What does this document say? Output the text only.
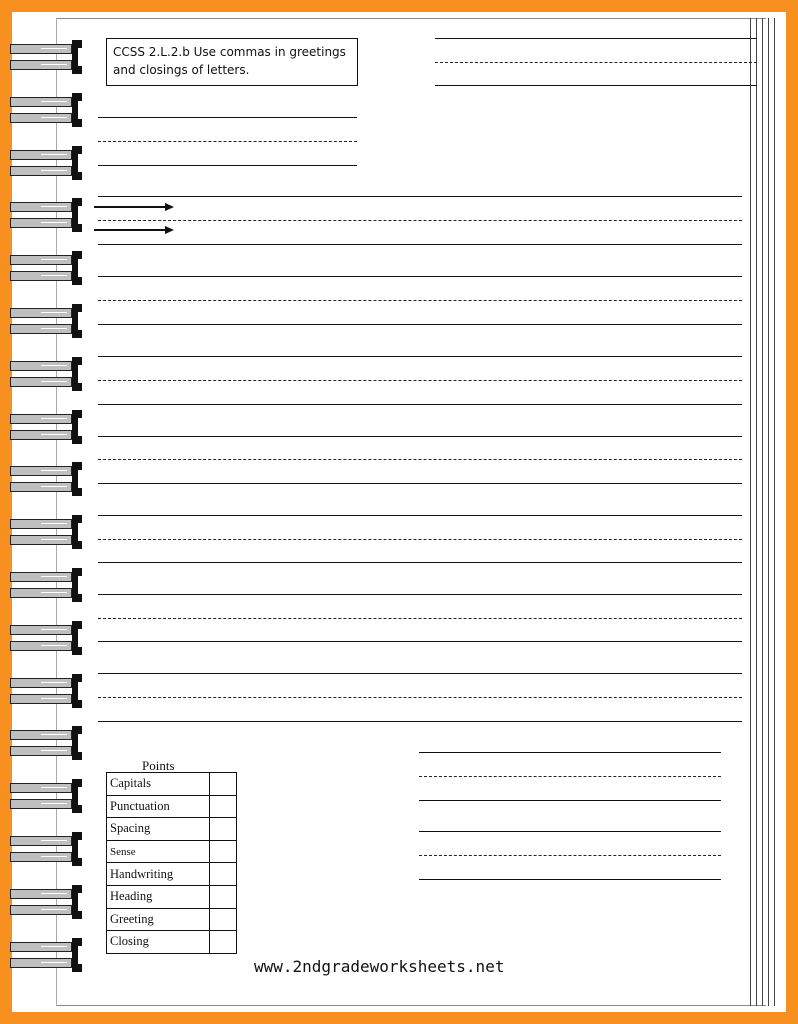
CCSS 2.L.2.b Use commas in greetings
and closings of letters.
Points
Capitals	
Punctuation	
Spacing	
Sense	
Handwriting	
Heading	
Greeting	
Closing	
www.2ndgradeworksheets.net
